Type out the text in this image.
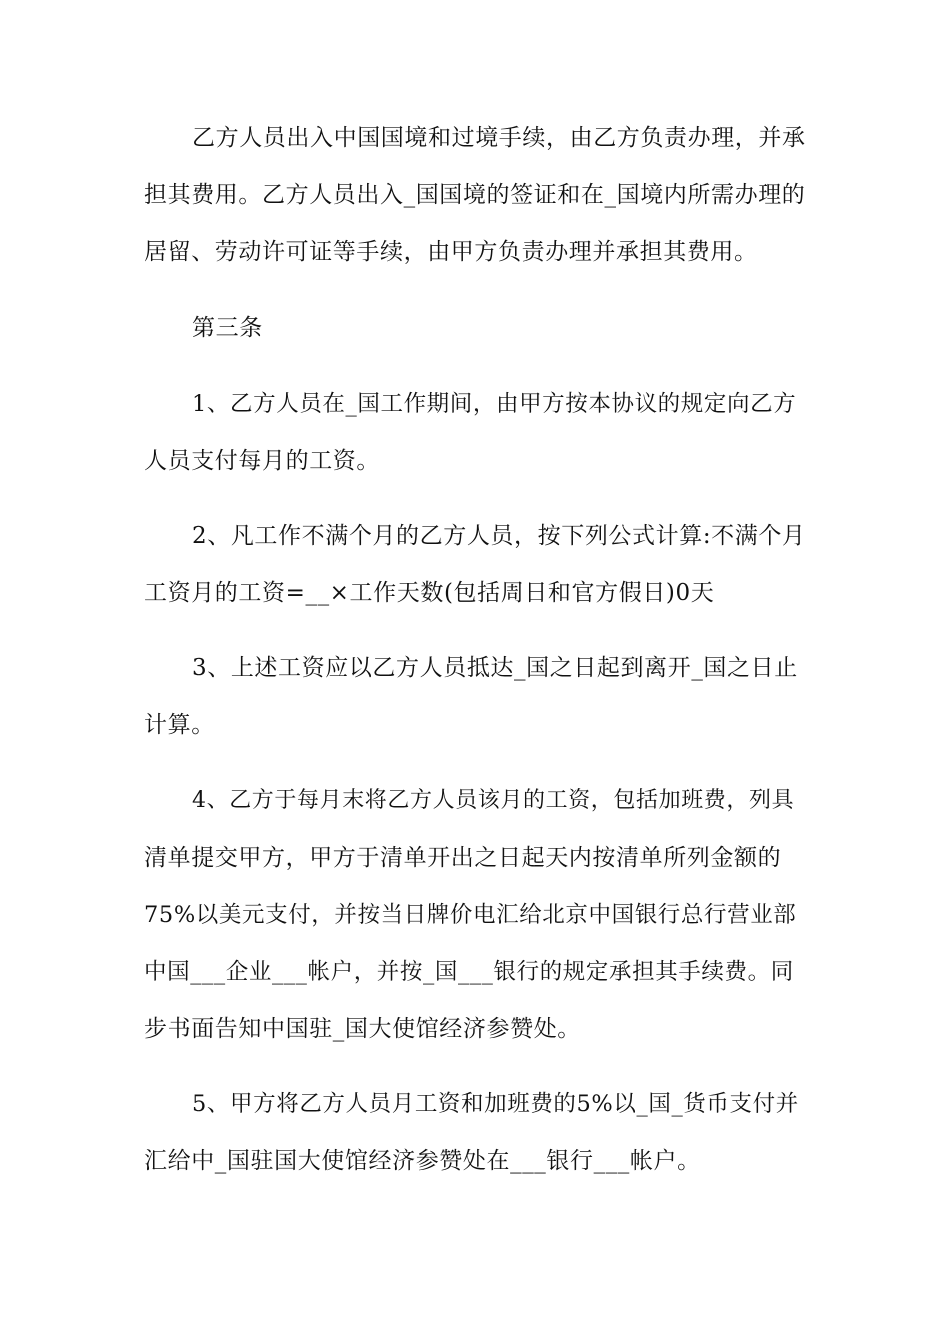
乙方人员出入中国国境和过境手续，由乙方负责办理，并承
担其费用。乙方人员出入_国国境的签证和在_国境内所需办理的
居留、劳动许可证等手续，由甲方负责办理并承担其费用。
第三条
1、乙方人员在_国工作期间，由甲方按本协议的规定向乙方
人员支付每月的工资。
2、凡工作不满个月的乙方人员，按下列公式计算:不满个月
工资月的工资=__×工作天数(包括周日和官方假日)0天
3、上述工资应以乙方人员抵达_国之日起到离开_国之日止
计算。
4、乙方于每月末将乙方人员该月的工资，包括加班费，列具
清单提交甲方，甲方于清单开出之日起天内按清单所列金额的
75%以美元支付，并按当日牌价电汇给北京中国银行总行营业部
中国___企业___帐户，并按_国___银行的规定承担其手续费。同
步书面告知中国驻_国大使馆经济参赞处。
5、甲方将乙方人员月工资和加班费的5%以_国_货币支付并
汇给中_国驻国大使馆经济参赞处在___银行___帐户。
